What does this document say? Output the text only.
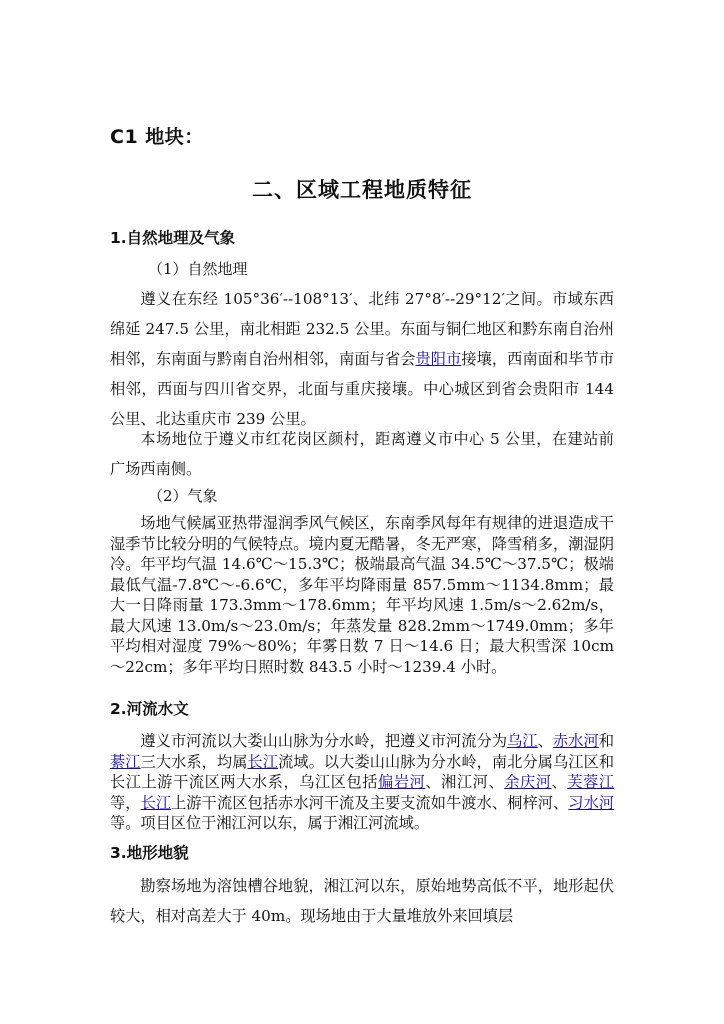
C1 地块：
二、区域工程地质特征
1.自然地理及气象
（1）自然地理
遵义在东经 105°36′--108°13′、北纬 27°8′--29°12′之间。市域东西绵延 247.5 公里，南北相距 232.5 公里。东面与铜仁地区和黔东南自治州相邻，东南面与黔南自治州相邻，南面与省会贵阳市接壤，西南面和毕节市相邻，西面与四川省交界，北面与重庆接壤。中心城区到省会贵阳市 144 公里、北达重庆市 239 公里。
本场地位于遵义市红花岗区颜村，距离遵义市中心 5 公里，在建站前广场西南侧。
（2）气象
场地气候属亚热带湿润季风气候区，东南季风每年有规律的进退造成干湿季节比较分明的气候特点。境内夏无酷暑，冬无严寒，降雪稍多，潮湿阴冷。年平均气温 14.6℃～15.3℃；极端最高气温 34.5℃～37.5℃；极端最低气温-7.8℃～-6.6℃，多年平均降雨量 857.5mm～1134.8mm；最大一日降雨量 173.3mm～178.6mm；年平均风速 1.5m/s～2.62m/s，最大风速 13.0m/s～23.0m/s；年蒸发量 828.2mm～1749.0mm；多年平均相对湿度 79%～80%；年雾日数 7 日～14.6 日；最大积雪深 10cm～22cm；多年平均日照时数 843.5 小时～1239.4 小时。
2.河流水文
遵义市河流以大娄山山脉为分水岭，把遵义市河流分为乌江、赤水河和綦江三大水系，均属长江流域。以大娄山山脉为分水岭，南北分属乌江区和长江上游干流区两大水系，乌江区包括偏岩河、湘江河、余庆河、芙蓉江等，长江上游干流区包括赤水河干流及主要支流如牛渡水、桐梓河、习水河等。项目区位于湘江河以东，属于湘江河流域。
3.地形地貌
勘察场地为溶蚀槽谷地貌，湘江河以东，原始地势高低不平，地形起伏较大，相对高差大于 40m。现场地由于大量堆放外来回填层
